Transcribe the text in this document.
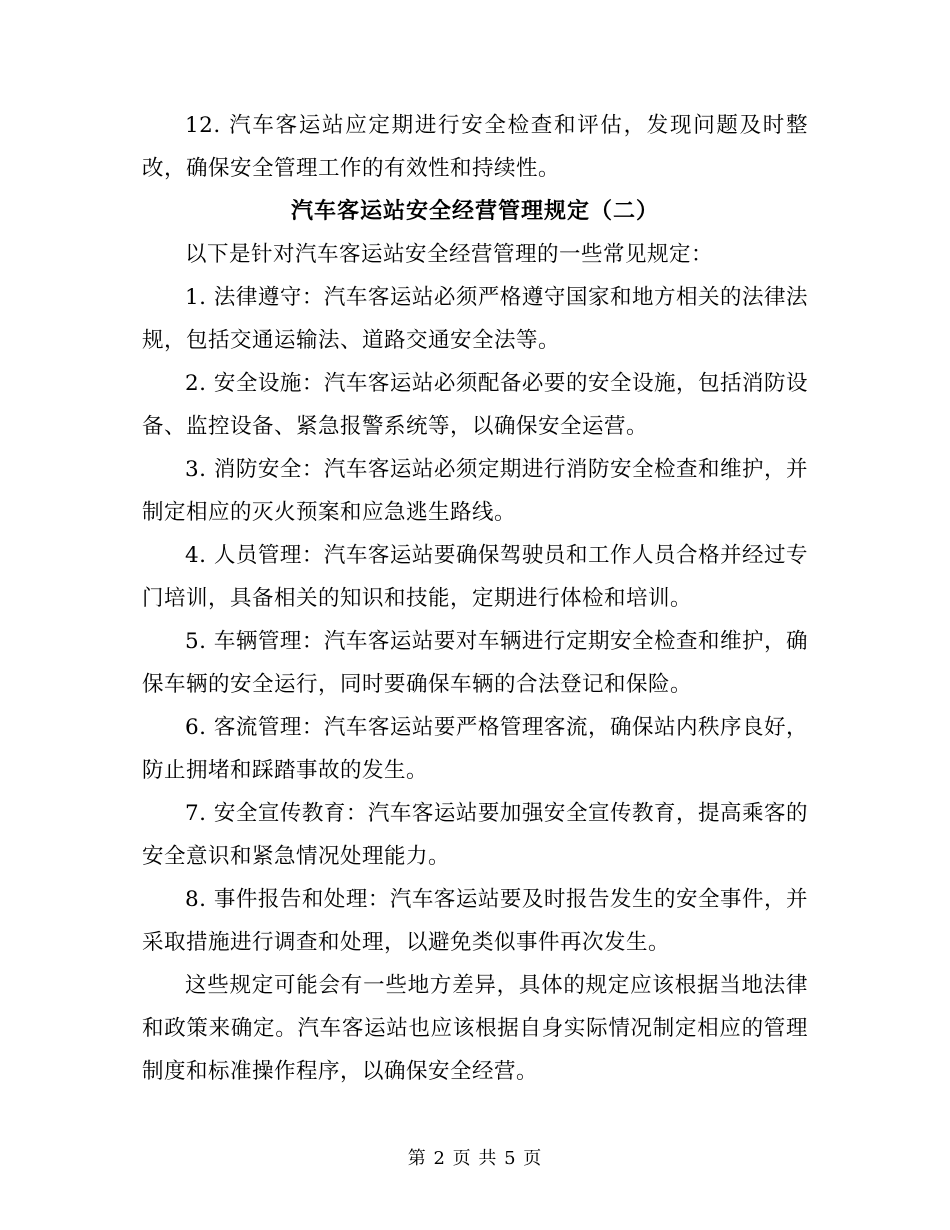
12. 汽车客运站应定期进行安全检查和评估，发现问题及时整改，确保安全管理工作的有效性和持续性。

汽车客运站安全经营管理规定（二）

以下是针对汽车客运站安全经营管理的一些常见规定：

1. 法律遵守：汽车客运站必须严格遵守国家和地方相关的法律法规，包括交通运输法、道路交通安全法等。

2. 安全设施：汽车客运站必须配备必要的安全设施，包括消防设备、监控设备、紧急报警系统等，以确保安全运营。

3. 消防安全：汽车客运站必须定期进行消防安全检查和维护，并制定相应的灭火预案和应急逃生路线。

4. 人员管理：汽车客运站要确保驾驶员和工作人员合格并经过专门培训，具备相关的知识和技能，定期进行体检和培训。

5. 车辆管理：汽车客运站要对车辆进行定期安全检查和维护，确保车辆的安全运行，同时要确保车辆的合法登记和保险。

6. 客流管理：汽车客运站要严格管理客流，确保站内秩序良好，防止拥堵和踩踏事故的发生。

7. 安全宣传教育：汽车客运站要加强安全宣传教育，提高乘客的安全意识和紧急情况处理能力。

8. 事件报告和处理：汽车客运站要及时报告发生的安全事件，并采取措施进行调查和处理，以避免类似事件再次发生。

这些规定可能会有一些地方差异，具体的规定应该根据当地法律和政策来确定。汽车客运站也应该根据自身实际情况制定相应的管理制度和标准操作程序，以确保安全经营。

第 2 页 共 5 页
